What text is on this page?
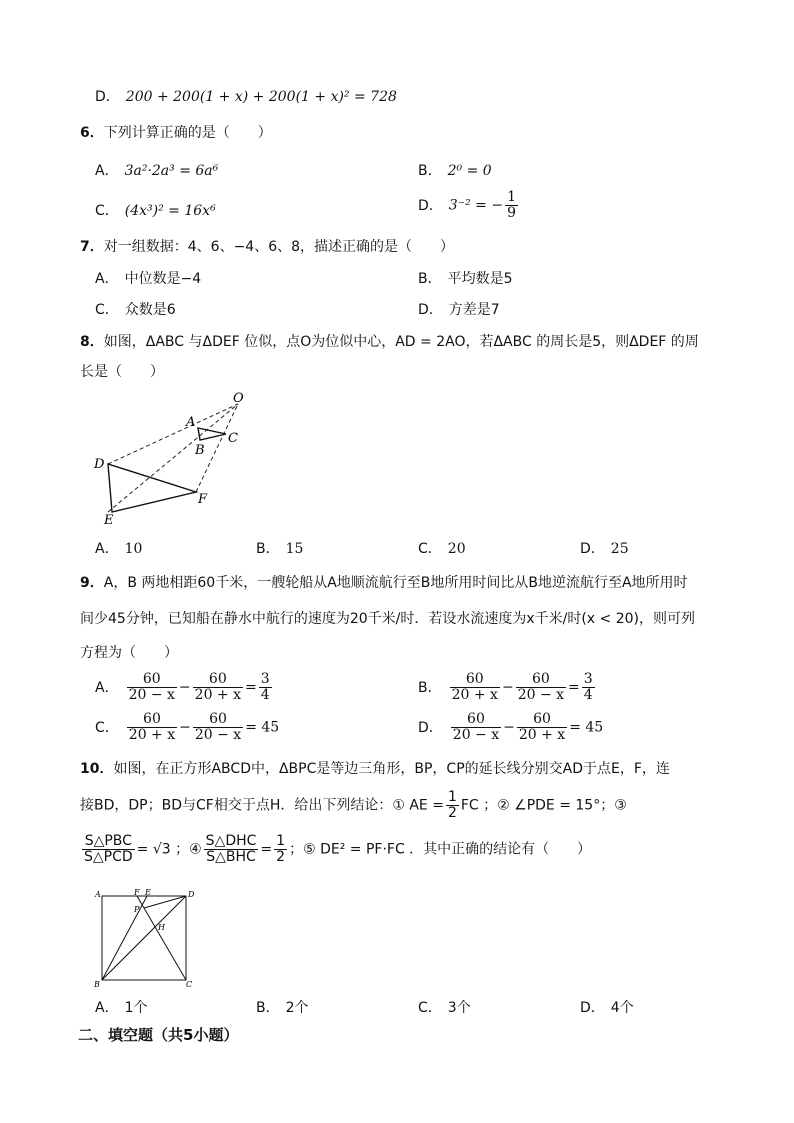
D． 200 + 200(1 + x) + 200(1 + x)² = 728
6．下列计算正确的是（　　）
A． 3a²·2a³ = 6a⁶	B． 2⁰ = 0
C． (4x³)² = 16x⁶	D． 3⁻² = − $\frac{1}{9}$
7．对一组数据：4、6、−4、6、8，描述正确的是（　　）
A． 中位数是−4	B． 平均数是5
C． 众数是6	D． 方差是7
8．如图，ΔABC 与ΔDEF 位似，点O为位似中心，AD = 2AO，若ΔABC 的周长是5，则ΔDEF 的周
长是（　　）
A
B
C
O
D
E
F
A． 10	B． 15	C． 20	D． 25
9．A，B 两地相距60千米，一艘轮船从A地顺流航行至B地所用时间比从B地逆流航行至A地所用时
间少45分钟，已知船在静水中航行的速度为20千米/时．若设水流速度为x千米/时(x < 20)，则可列
方程为（　　）
A． $\frac{60}{20 - x} - \frac{60}{20 + x} = \frac{3}{4}$	B． $\frac{60}{20 + x} - \frac{60}{20 - x} = \frac{3}{4}$
C． $\frac{60}{20 + x} - \frac{60}{20 - x} = 45$	D． $\frac{60}{20 - x} - \frac{60}{20 + x} = 45$
10．如图，在正方形ABCD中，ΔBPC是等边三角形，BP，CP的延长线分别交AD于点E，F，连
接BD，DP；BD与CF相交于点H．给出下列结论：① AE = $\frac{1}{2}$ FC ；② ∠PDE = 15°；③
$\frac{\text{S△PBC}}{\text{S△PCD}} = √3$ ；④ $\frac{\text{S△DHC}}{\text{S△BHC}} = \frac{1}{2}$ ；⑤ DE² = PF·FC ．其中正确的结论有（　　）
A	F E	D
P
H
B	C
A． 1个	B． 2个	C． 3个	D． 4个
二、填空题（共5小题）
